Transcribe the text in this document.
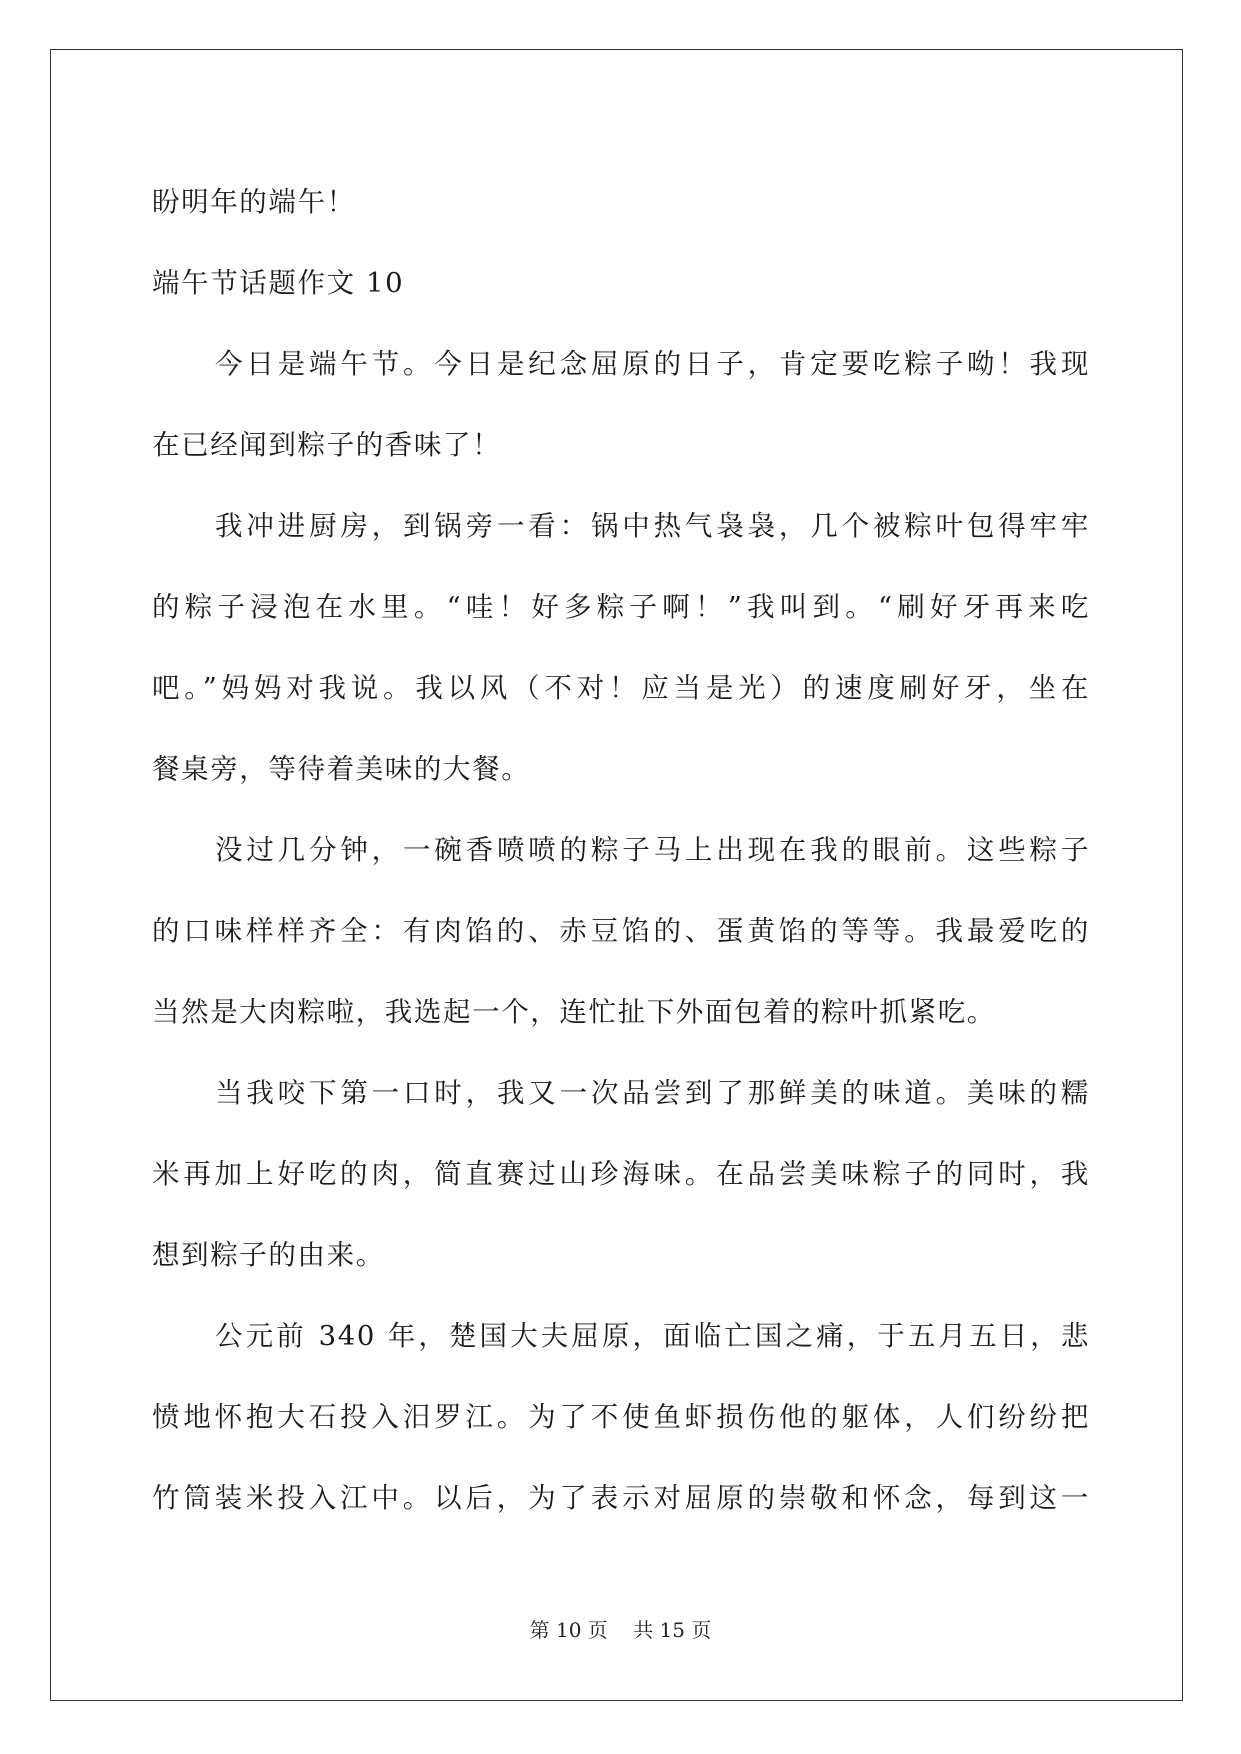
盼明年的端午！

端午节话题作文 10

今日是端午节。今日是纪念屈原的日子，肯定要吃粽子呦！我现

在已经闻到粽子的香味了！

我冲进厨房，到锅旁一看：锅中热气袅袅，几个被粽叶包得牢牢

的粽子浸泡在水里。“哇！好多粽子啊！”我叫到。“刷好牙再来吃

吧。”妈妈对我说。我以风（不对！应当是光）的速度刷好牙，坐在

餐桌旁，等待着美味的大餐。

没过几分钟，一碗香喷喷的粽子马上出现在我的眼前。这些粽子

的口味样样齐全：有肉馅的、赤豆馅的、蛋黄馅的等等。我最爱吃的

当然是大肉粽啦，我选起一个，连忙扯下外面包着的粽叶抓紧吃。

当我咬下第一口时，我又一次品尝到了那鲜美的味道。美味的糯

米再加上好吃的肉，简直赛过山珍海味。在品尝美味粽子的同时，我

想到粽子的由来。

公元前 340 年，楚国大夫屈原，面临亡国之痛，于五月五日，悲

愤地怀抱大石投入汨罗江。为了不使鱼虾损伤他的躯体，人们纷纷把

竹筒装米投入江中。以后，为了表示对屈原的崇敬和怀念，每到这一

第 10 页    共 15 页
